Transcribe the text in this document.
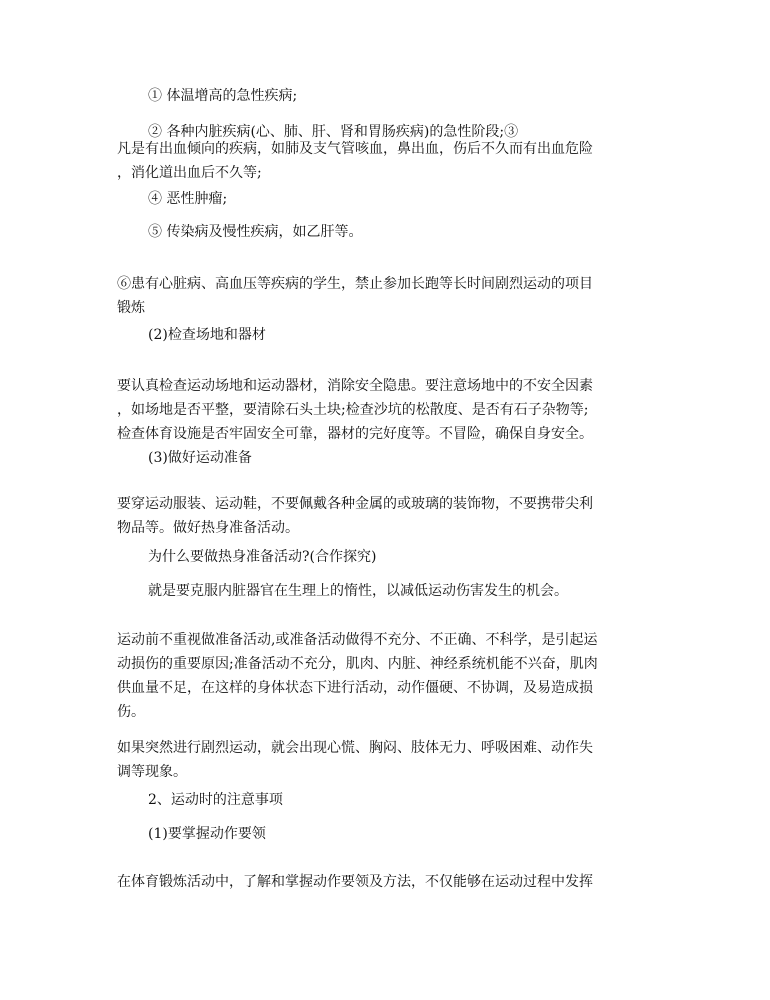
① 体温增高的急性疾病;

② 各种内脏疾病(心、肺、肝、肾和胃肠疾病)的急性阶段;③

凡是有出血倾向的疾病，如肺及支气管咳血，鼻出血，伤后不久而有出血危险
，消化道出血后不久等;

④ 恶性肿瘤;

⑤ 传染病及慢性疾病，如乙肝等。

⑥患有心脏病、高血压等疾病的学生，禁止参加长跑等长时间剧烈运动的项目
锻炼

(2)检查场地和器材

要认真检查运动场地和运动器材，消除安全隐患。要注意场地中的不安全因素
，如场地是否平整，要清除石头土块;检查沙坑的松散度、是否有石子杂物等;
检查体育设施是否牢固安全可靠，器材的完好度等。不冒险，确保自身安全。

(3)做好运动准备

要穿运动服装、运动鞋，不要佩戴各种金属的或玻璃的装饰物，不要携带尖利
物品等。做好热身准备活动。

为什么要做热身准备活动?(合作探究)

就是要克服内脏器官在生理上的惰性，以减低运动伤害发生的机会。

运动前不重视做准备活动,或准备活动做得不充分、不正确、不科学，是引起运
动损伤的重要原因;准备活动不充分，肌肉、内脏、神经系统机能不兴奋，肌肉
供血量不足，在这样的身体状态下进行活动，动作僵硬、不协调，及易造成损
伤。

如果突然进行剧烈运动，就会出现心慌、胸闷、肢体无力、呼吸困难、动作失
调等现象。

2、运动时的注意事项

(1)要掌握动作要领

在体育锻炼活动中，了解和掌握动作要领及方法，不仅能够在运动过程中发挥
